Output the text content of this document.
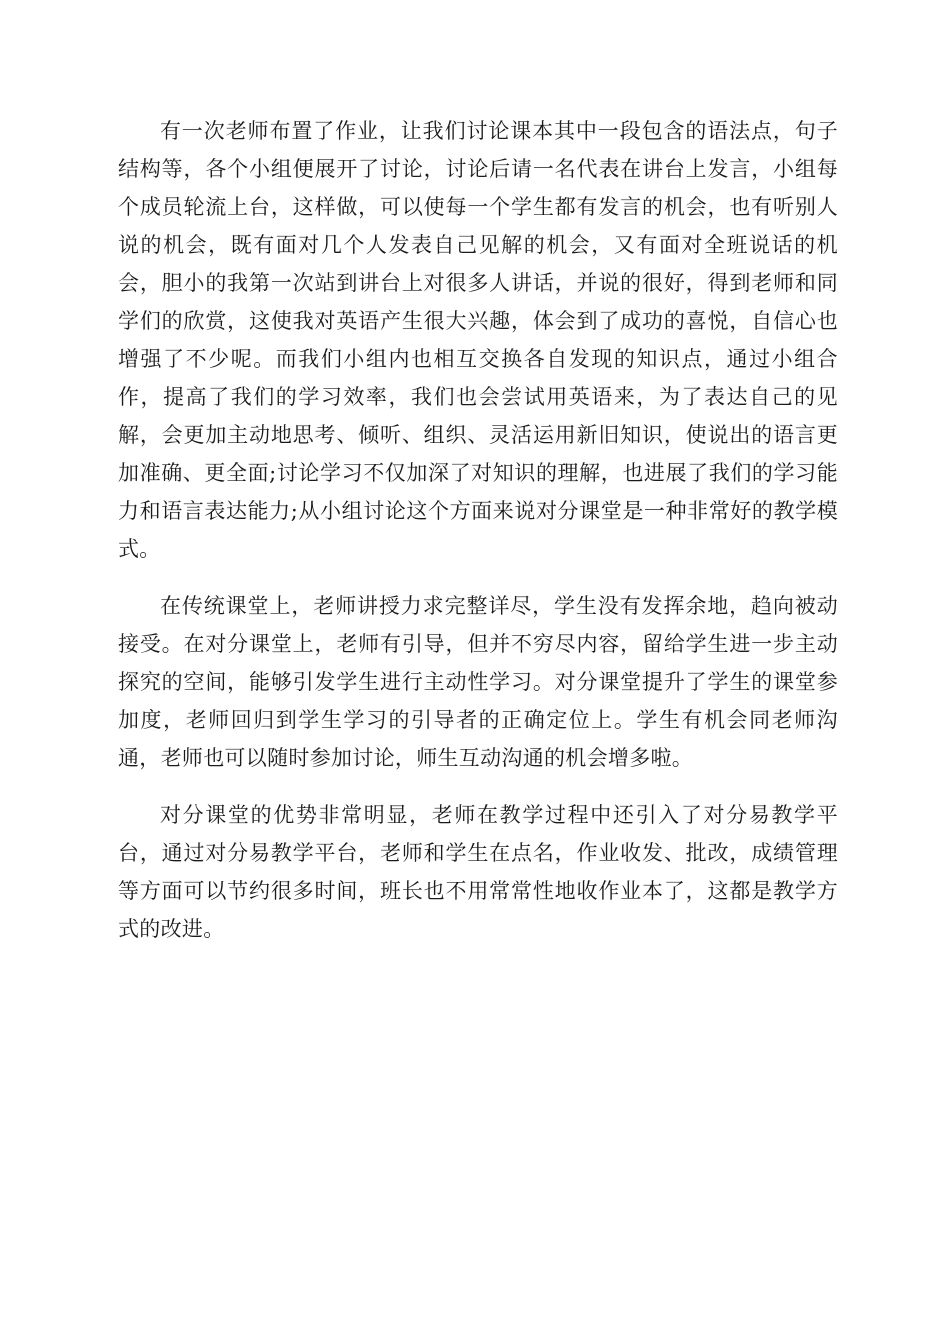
有一次老师布置了作业，让我们讨论课本其中一段包含的语法点，句子结构等，各个小组便展开了讨论，讨论后请一名代表在讲台上发言，小组每个成员轮流上台，这样做，可以使每一个学生都有发言的机会，也有听别人说的机会，既有面对几个人发表自己见解的机会，又有面对全班说话的机会，胆小的我第一次站到讲台上对很多人讲话，并说的很好，得到老师和同学们的欣赏，这使我对英语产生很大兴趣，体会到了成功的喜悦，自信心也增强了不少呢。而我们小组内也相互交换各自发现的知识点，通过小组合作，提高了我们的学习效率，我们也会尝试用英语来，为了表达自己的见解，会更加主动地思考、倾听、组织、灵活运用新旧知识，使说出的语言更加准确、更全面;讨论学习不仅加深了对知识的理解，也进展了我们的学习能力和语言表达能力;从小组讨论这个方面来说对分课堂是一种非常好的教学模式。

在传统课堂上，老师讲授力求完整详尽，学生没有发挥余地，趋向被动接受。在对分课堂上，老师有引导，但并不穷尽内容，留给学生进一步主动探究的空间，能够引发学生进行主动性学习。对分课堂提升了学生的课堂参加度，老师回归到学生学习的引导者的正确定位上。学生有机会同老师沟通，老师也可以随时参加讨论，师生互动沟通的机会增多啦。

对分课堂的优势非常明显，老师在教学过程中还引入了对分易教学平台，通过对分易教学平台，老师和学生在点名，作业收发、批改，成绩管理等方面可以节约很多时间，班长也不用常常性地收作业本了，这都是教学方式的改进。
